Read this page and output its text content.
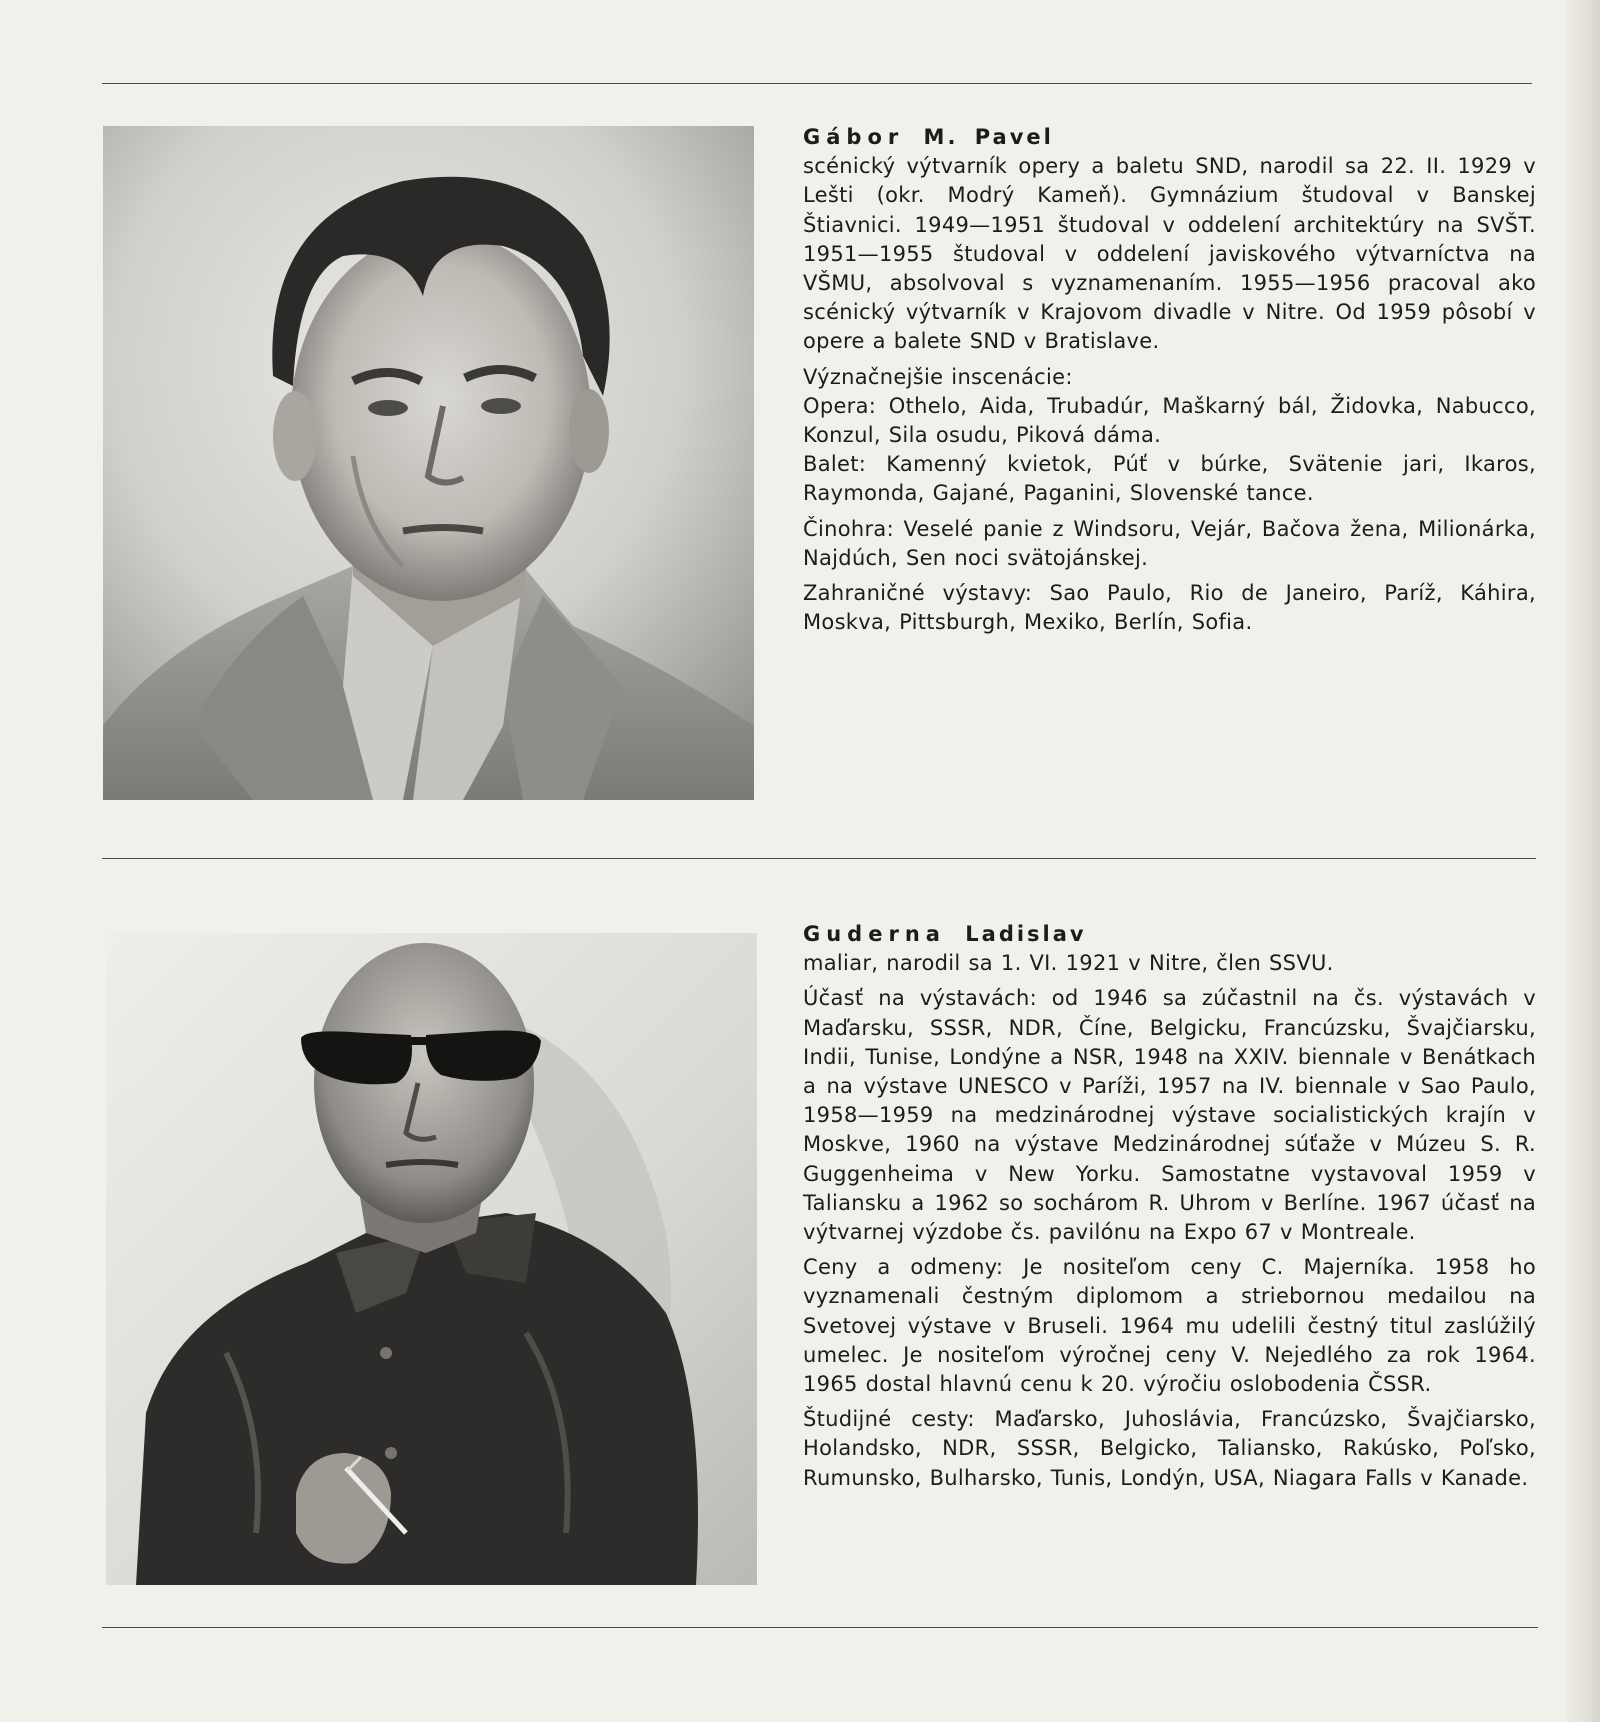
Gábor M. Pavel

scénický výtvarník opery a baletu SND, narodil sa 22. II. 1929 v Lešti (okr. Modrý Kameň). Gymnázium študoval v Banskej Štiavnici. 1949—1951 študoval v oddelení architektúry na SVŠT. 1951—1955 študoval v oddelení javiskového výtvarníctva na VŠMU, absolvoval s vyznamenaním. 1955—1956 pracoval ako scénický výtvarník v Krajovom divadle v Nitre. Od 1959 pôsobí v opere a balete SND v Bratislave.

Význačnejšie inscenácie:

Opera: Othelo, Aida, Trubadúr, Maškarný bál, Židovka, Nabucco, Konzul, Sila osudu, Piková dáma.

Balet: Kamenný kvietok, Púť v búrke, Svätenie jari, Ikaros, Raymonda, Gajané, Paganini, Slovenské tance.

Činohra: Veselé panie z Windsoru, Vejár, Bačova žena, Milionárka, Najdúch, Sen noci svätojánskej.

Zahraničné výstavy: Sao Paulo, Rio de Janeiro, Paríž, Káhira, Moskva, Pittsburgh, Mexiko, Berlín, Sofia.

Guderna Ladislav

maliar, narodil sa 1. VI. 1921 v Nitre, člen SSVU.

Účasť na výstavách: od 1946 sa zúčastnil na čs. výstavách v Maďarsku, SSSR, NDR, Číne, Belgicku, Francúzsku, Švajčiarsku, Indii, Tunise, Londýne a NSR, 1948 na XXIV. biennale v Benátkach a na výstave UNESCO v Paríži, 1957 na IV. biennale v Sao Paulo, 1958—1959 na medzinárodnej výstave socialistických krajín v Moskve, 1960 na výstave Medzinárodnej súťaže v Múzeu S. R. Guggenheima v New Yorku. Samostatne vystavoval 1959 v Taliansku a 1962 so sochárom R. Uhrom v Berlíne. 1967 účasť na výtvarnej výzdobe čs. pavilónu na Expo 67 v Montreale.

Ceny a odmeny: Je nositeľom ceny C. Majerníka. 1958 ho vyznamenali čestným diplomom a striebornou medailou na Svetovej výstave v Bruseli. 1964 mu udelili čestný titul zaslúžilý umelec. Je nositeľom výročnej ceny V. Nejedlého za rok 1964. 1965 dostal hlavnú cenu k 20. výročiu oslobodenia ČSSR.

Študijné cesty: Maďarsko, Juhoslávia, Francúzsko, Švajčiarsko, Holandsko, NDR, SSSR, Belgicko, Taliansko, Rakúsko, Poľsko, Rumunsko, Bulharsko, Tunis, Londýn, USA, Niagara Falls v Kanade.
